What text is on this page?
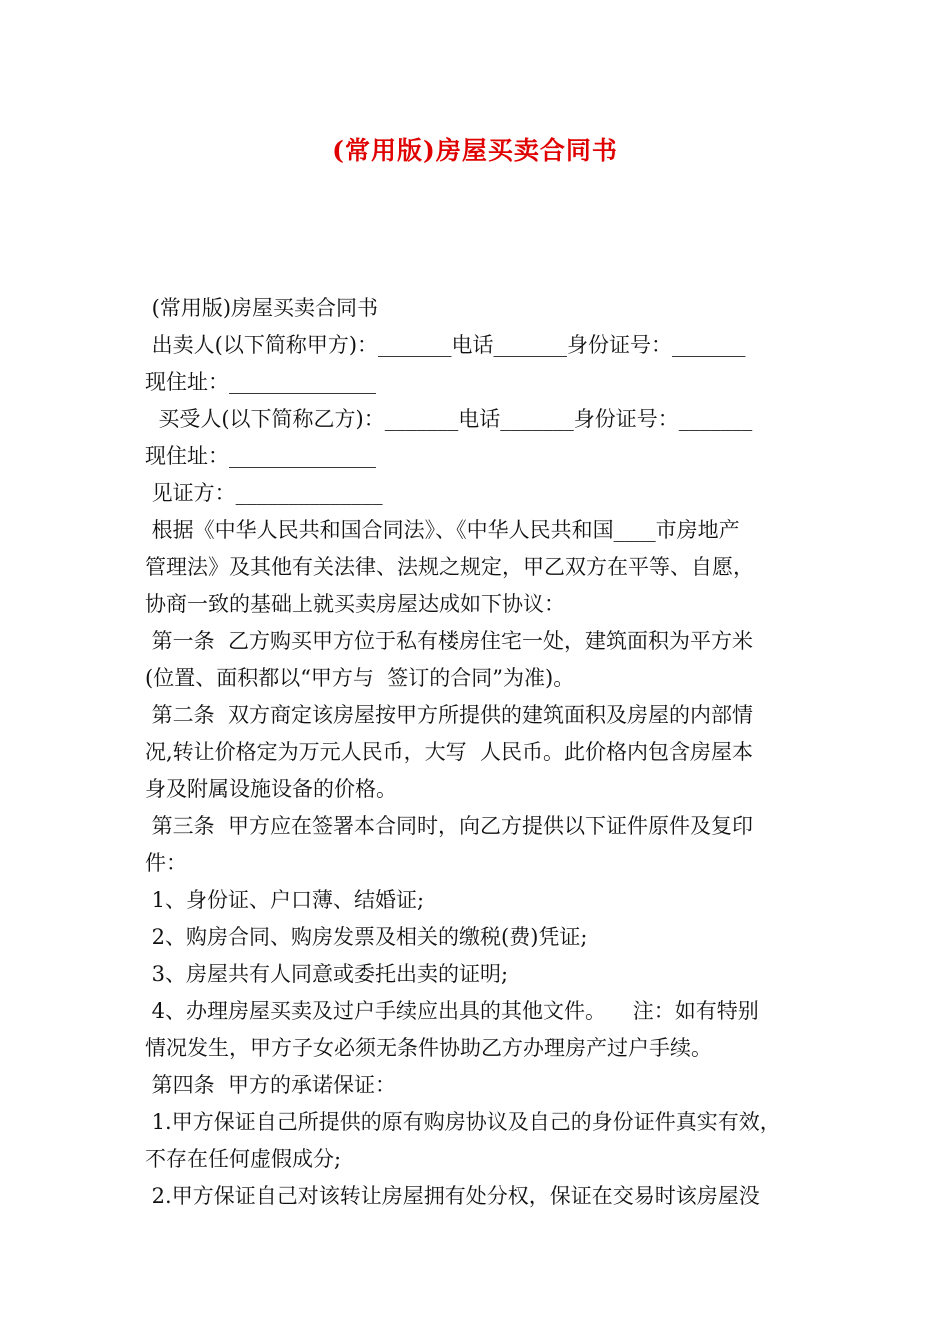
(常用版)房屋买卖合同书
(常用版)房屋买卖合同书
出卖人(以下简称甲方)：_______电话_______身份证号：_______
现住址：______________
买受人(以下简称乙方)：_______电话_______身份证号：_______
现住址：______________
见证方：______________
根据《中华人民共和国合同法》、《中华人民共和国____市房地产
管理法》及其他有关法律、法规之规定，甲乙双方在平等、自愿，
协商一致的基础上就买卖房屋达成如下协议：
第一条  乙方购买甲方位于私有楼房住宅一处，建筑面积为平方米
(位置、面积都以“甲方与  签订的合同”为准)。
第二条  双方商定该房屋按甲方所提供的建筑面积及房屋的内部情
况,转让价格定为万元人民币，大写  人民币。此价格内包含房屋本
身及附属设施设备的价格。
第三条  甲方应在签署本合同时，向乙方提供以下证件原件及复印
件：
1、身份证、户口薄、结婚证;
2、购房合同、购房发票及相关的缴税(费)凭证;
3、房屋共有人同意或委托出卖的证明;
4、办理房屋买卖及过户手续应出具的其他文件。    注：如有特别
情况发生，甲方子女必须无条件协助乙方办理房产过户手续。
第四条  甲方的承诺保证：
1.甲方保证自己所提供的原有购房协议及自己的身份证件真实有效，
不存在任何虚假成分;
2.甲方保证自己对该转让房屋拥有处分权，保证在交易时该房屋没
